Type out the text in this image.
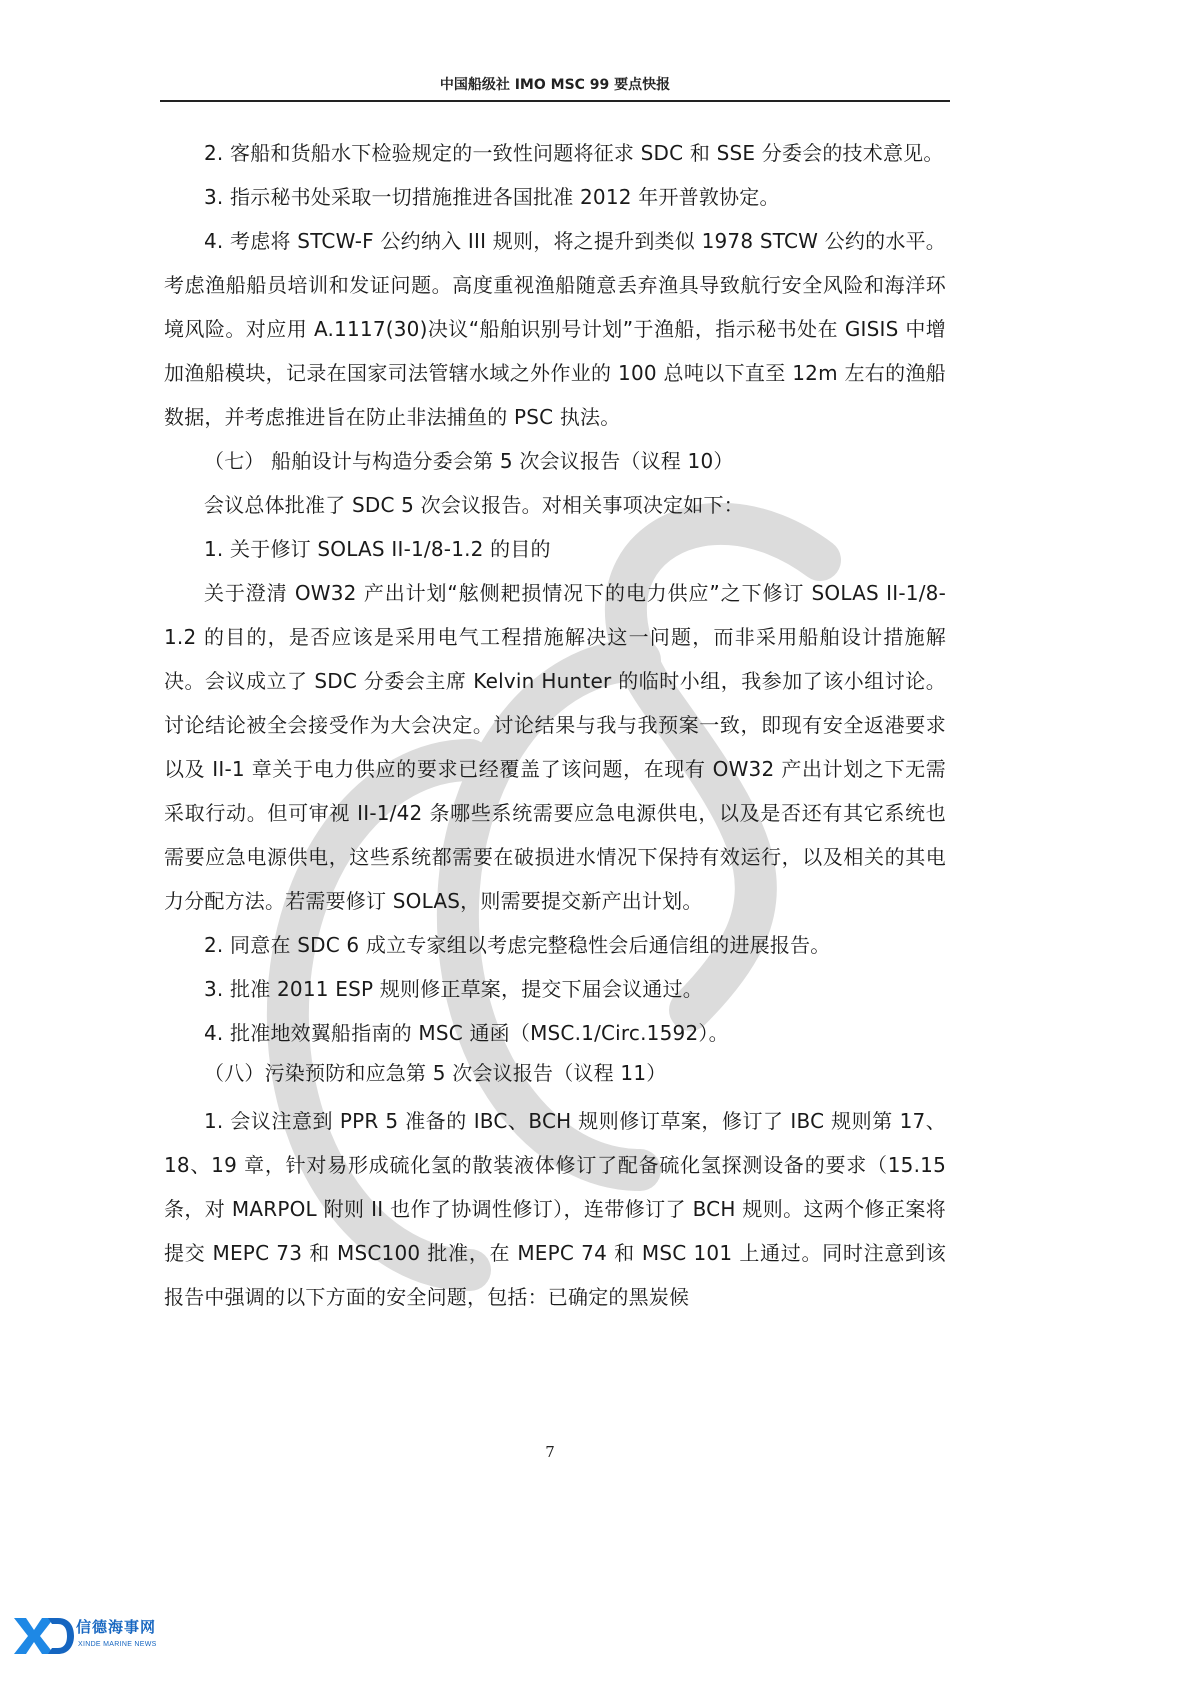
中国船级社 IMO MSC 99 要点快报

2. 客船和货船水下检验规定的一致性问题将征求 SDC 和 SSE 分委会的技术意见。

3. 指示秘书处采取一切措施推进各国批准 2012 年开普敦协定。

4. 考虑将 STCW-F 公约纳入 III 规则，将之提升到类似 1978 STCW 公约的水平。考虑渔船船员培训和发证问题。高度重视渔船随意丢弃渔具导致航行安全风险和海洋环境风险。对应用 A.1117(30)决议“船舶识别号计划”于渔船，指示秘书处在 GISIS 中增加渔船模块，记录在国家司法管辖水域之外作业的 100 总吨以下直至 12m 左右的渔船数据，并考虑推进旨在防止非法捕鱼的 PSC 执法。

（七） 船舶设计与构造分委会第 5 次会议报告（议程 10）

会议总体批准了 SDC 5 次会议报告。对相关事项决定如下：

1. 关于修订 SOLAS II-1/8-1.2 的目的

关于澄清 OW32 产出计划“舷侧耙损情况下的电力供应”之下修订 SOLAS II-1/8-1.2 的目的，是否应该是采用电气工程措施解决这一问题，而非采用船舶设计措施解决。会议成立了 SDC 分委会主席 Kelvin Hunter 的临时小组，我参加了该小组讨论。讨论结论被全会接受作为大会决定。讨论结果与我与我预案一致，即现有安全返港要求以及 II-1 章关于电力供应的要求已经覆盖了该问题，在现有 OW32 产出计划之下无需采取行动。但可审视 II-1/42 条哪些系统需要应急电源供电，以及是否还有其它系统也需要应急电源供电，这些系统都需要在破损进水情况下保持有效运行，以及相关的其电力分配方法。若需要修订 SOLAS，则需要提交新产出计划。

2. 同意在 SDC 6 成立专家组以考虑完整稳性会后通信组的进展报告。

3. 批准 2011 ESP 规则修正草案，提交下届会议通过。

4. 批准地效翼船指南的 MSC 通函（MSC.1/Circ.1592）。

（八）污染预防和应急第 5 次会议报告（议程 11）

1. 会议注意到 PPR 5 准备的 IBC、BCH 规则修订草案，修订了 IBC 规则第 17、18、19 章，针对易形成硫化氢的散装液体修订了配备硫化氢探测设备的要求（15.15 条，对 MARPOL 附则 II 也作了协调性修订），连带修订了 BCH 规则。这两个修正案将提交 MEPC 73 和 MSC100 批准，在 MEPC 74 和 MSC 101 上通过。同时注意到该报告中强调的以下方面的安全问题，包括：已确定的黑炭候

7
信德海事网
XINDE MARINE NEWS
